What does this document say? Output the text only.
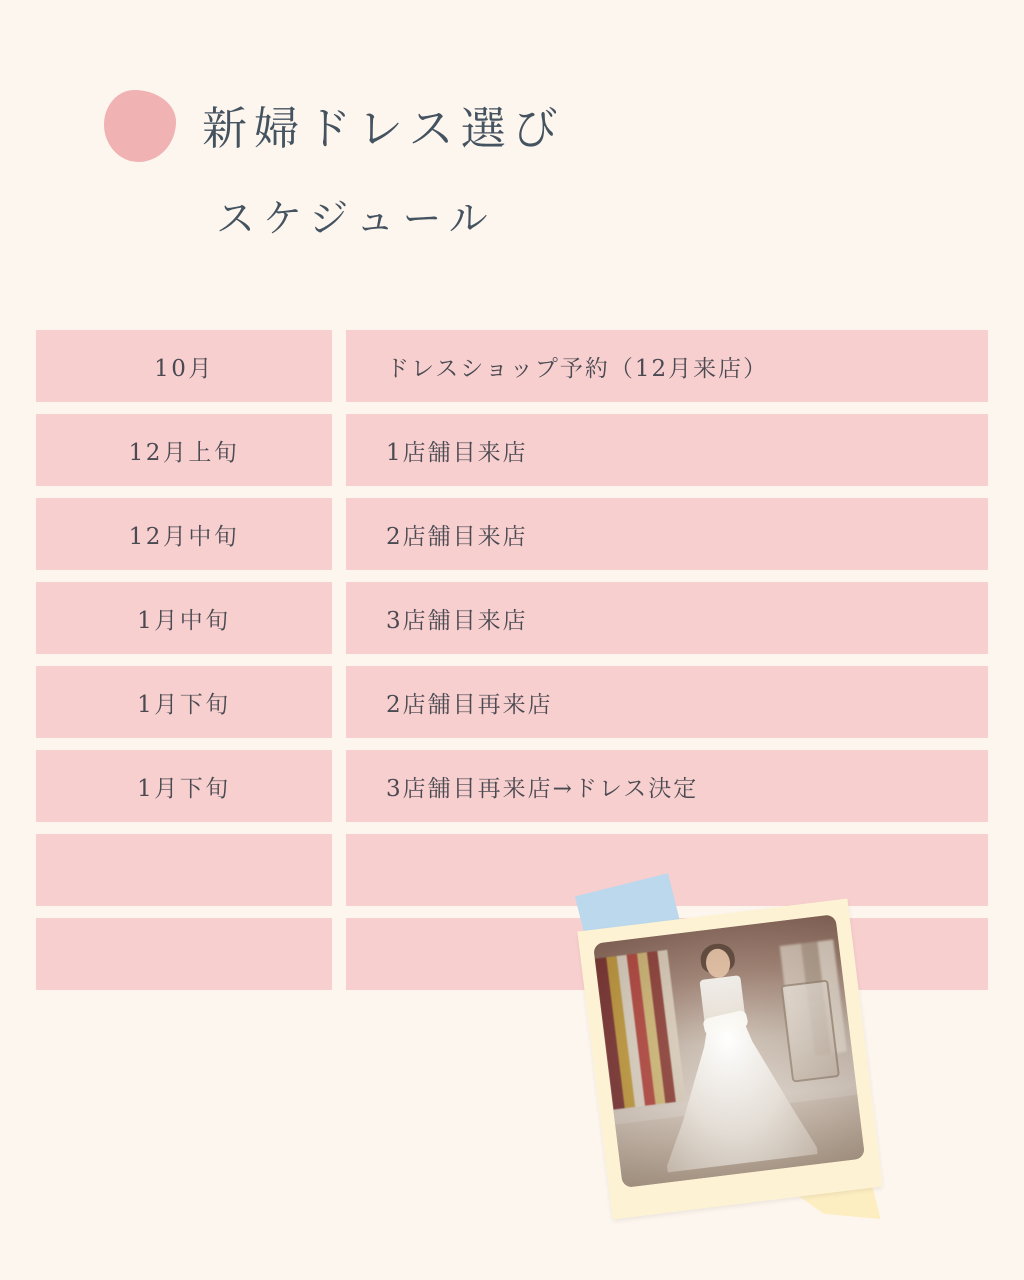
新婦ドレス選び
スケジュール
10月	ドレスショップ予約（12月来店）
12月上旬	1店舗目来店
12月中旬	2店舗目来店
1月中旬	3店舗目来店
1月下旬	2店舗目再来店
1月下旬	3店舗目再来店→ドレス決定
